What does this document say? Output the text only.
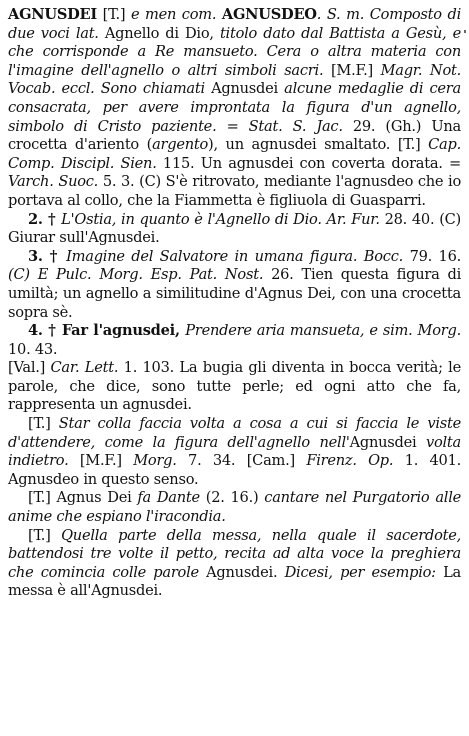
AGNUSDEI [T.] e men com. AGNUSDEO. S. m. Composto di due voci lat. Agnello di Dio, titolo dato dal Battista a Gesù, e che corrisponde a Re mansueto. Cera o altra materia con l'imagine dell'agnello o altri simboli sacri. [M.F.] Magr. Not. Vocab. eccl. Sono chiamati Agnusdei alcune medaglie di cera consacrata, per avere improntata la figura d'un agnello, simbolo di Cristo paziente. = Stat. S. Jac. 29. (Gh.) Una crocetta d'ariento (argento), un agnusdei smaltato. [T.] Cap. Comp. Discipl. Sien. 115. Un agnusdei con coverta dorata. = Varch. Suoc. 5. 3. (C) S'è ritrovato, mediante l'agnusdeo che io portava al collo, che la Fiammetta è figliuola di Guasparri.

2. † L'Ostia, in quanto è l'Agnello di Dio. Ar. Fur. 28. 40. (C) Giurar sull'Agnusdei.

3. † Imagine del Salvatore in umana figura. Bocc. 79. 16. (C) E Pulc. Morg. Esp. Pat. Nost. 26. Tien questa figura di umiltà; un agnello a similitudine d'Agnus Dei, con una crocetta sopra sè.

4. † Far l'agnusdei, Prendere aria mansueta, e sim. Morg. 10. 43.

[Val.] Car. Lett. 1. 103. La bugia gli diventa in bocca verità; le parole, che dice, sono tutte perle; ed ogni atto che fa, rappresenta un agnusdei.

[T.] Star colla faccia volta a cosa a cui si faccia le viste d'attendere, come la figura dell'agnello nell'Agnusdei volta indietro. [M.F.] Morg. 7. 34. [Cam.] Firenz. Op. 1. 401. Agnusdeo in questo senso.

[T.] Agnus Dei fa Dante (2. 16.) cantare nel Purgatorio alle anime che espiano l'iracondia.

[T.] Quella parte della messa, nella quale il sacerdote, battendosi tre volte il petto, recita ad alta voce la preghiera che comincia colle parole Agnusdei. Dicesi, per esempio: La messa è all'Agnusdei.
